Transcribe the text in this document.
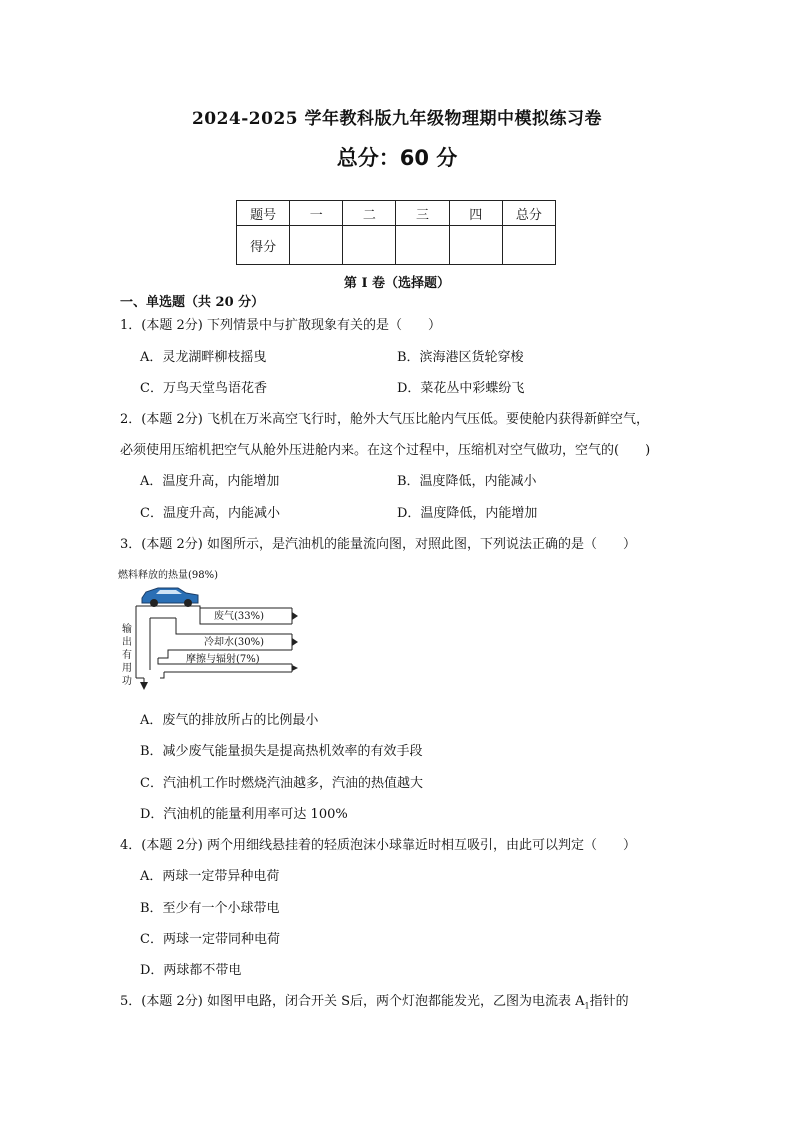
2024-2025 学年教科版九年级物理期中模拟练习卷
总分：60 分
题号	一	二	三	四	总分
得分					
第 I 卷（选择题）
一、单选题（共 20 分）
1．(本题 2分) 下列情景中与扩散现象有关的是（　　）
A．灵龙湖畔柳枝摇曳	B．滨海港区货轮穿梭
C．万鸟天堂鸟语花香	D．菜花丛中彩蝶纷飞
2．(本题 2分) 飞机在万米高空飞行时，舱外大气压比舱内气压低。要使舱内获得新鲜空气，
必须使用压缩机把空气从舱外压进舱内来。在这个过程中，压缩机对空气做功，空气的(　　)
A．温度升高，内能增加	B．温度降低，内能减小
C．温度升高，内能减小	D．温度降低，内能增加
3．(本题 2分) 如图所示，是汽油机的能量流向图，对照此图，下列说法正确的是（　　）
燃料释放的热量(98%)
废气(33%)
冷却水(30%)
摩擦与辐射(7%)
输
出
有
用
功
A．废气的排放所占的比例最小
B．减少废气能量损失是提高热机效率的有效手段
C．汽油机工作时燃烧汽油越多，汽油的热值越大
D．汽油机的能量利用率可达 100%
4．(本题 2分) 两个用细线悬挂着的轻质泡沫小球靠近时相互吸引，由此可以判定（　　）
A．两球一定带异种电荷
B．至少有一个小球带电
C．两球一定带同种电荷
D．两球都不带电
5．(本题 2分) 如图甲电路，闭合开关 S后，两个灯泡都能发光，乙图为电流表 $A_1$指针的
